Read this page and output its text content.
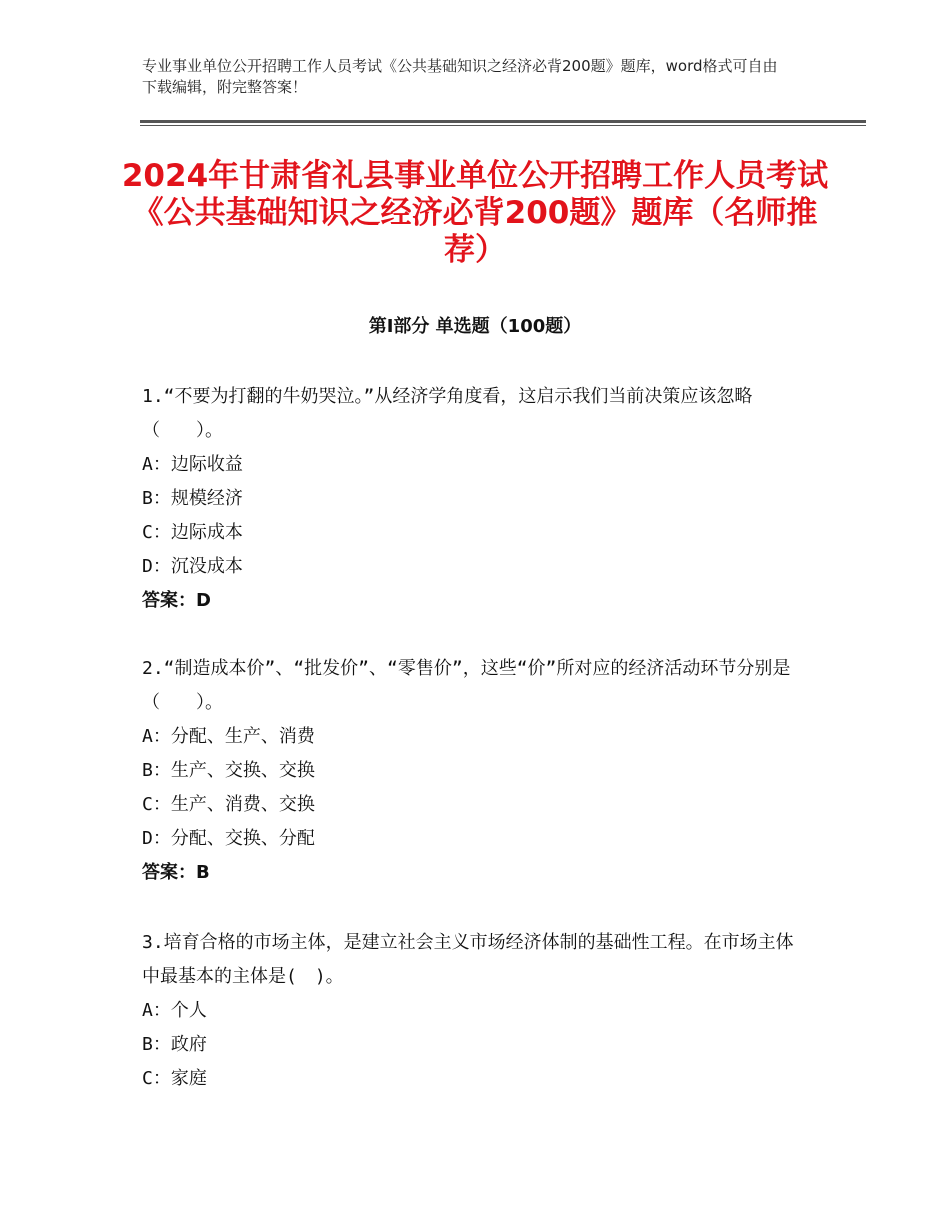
专业事业单位公开招聘工作人员考试《公共基础知识之经济必背200题》题库，word格式可自由下载编辑，附完整答案！
2024年甘肃省礼县事业单位公开招聘工作人员考试《公共基础知识之经济必背200题》题库（名师推荐）
第Ⅰ部分 单选题（100题）
1.“不要为打翻的牛奶哭泣。”从经济学角度看，这启示我们当前决策应该忽略（　　）。
A：边际收益
B：规模经济
C：边际成本
D：沉没成本
答案：D
2.“制造成本价”、“批发价”、“零售价”，这些“价”所对应的经济活动环节分别是（　　）。
A：分配、生产、消费
B：生产、交换、交换
C：生产、消费、交换
D：分配、交换、分配
答案：B
3.培育合格的市场主体，是建立社会主义市场经济体制的基础性工程。在市场主体中最基本的主体是(　)。
A：个人
B：政府
C：家庭
